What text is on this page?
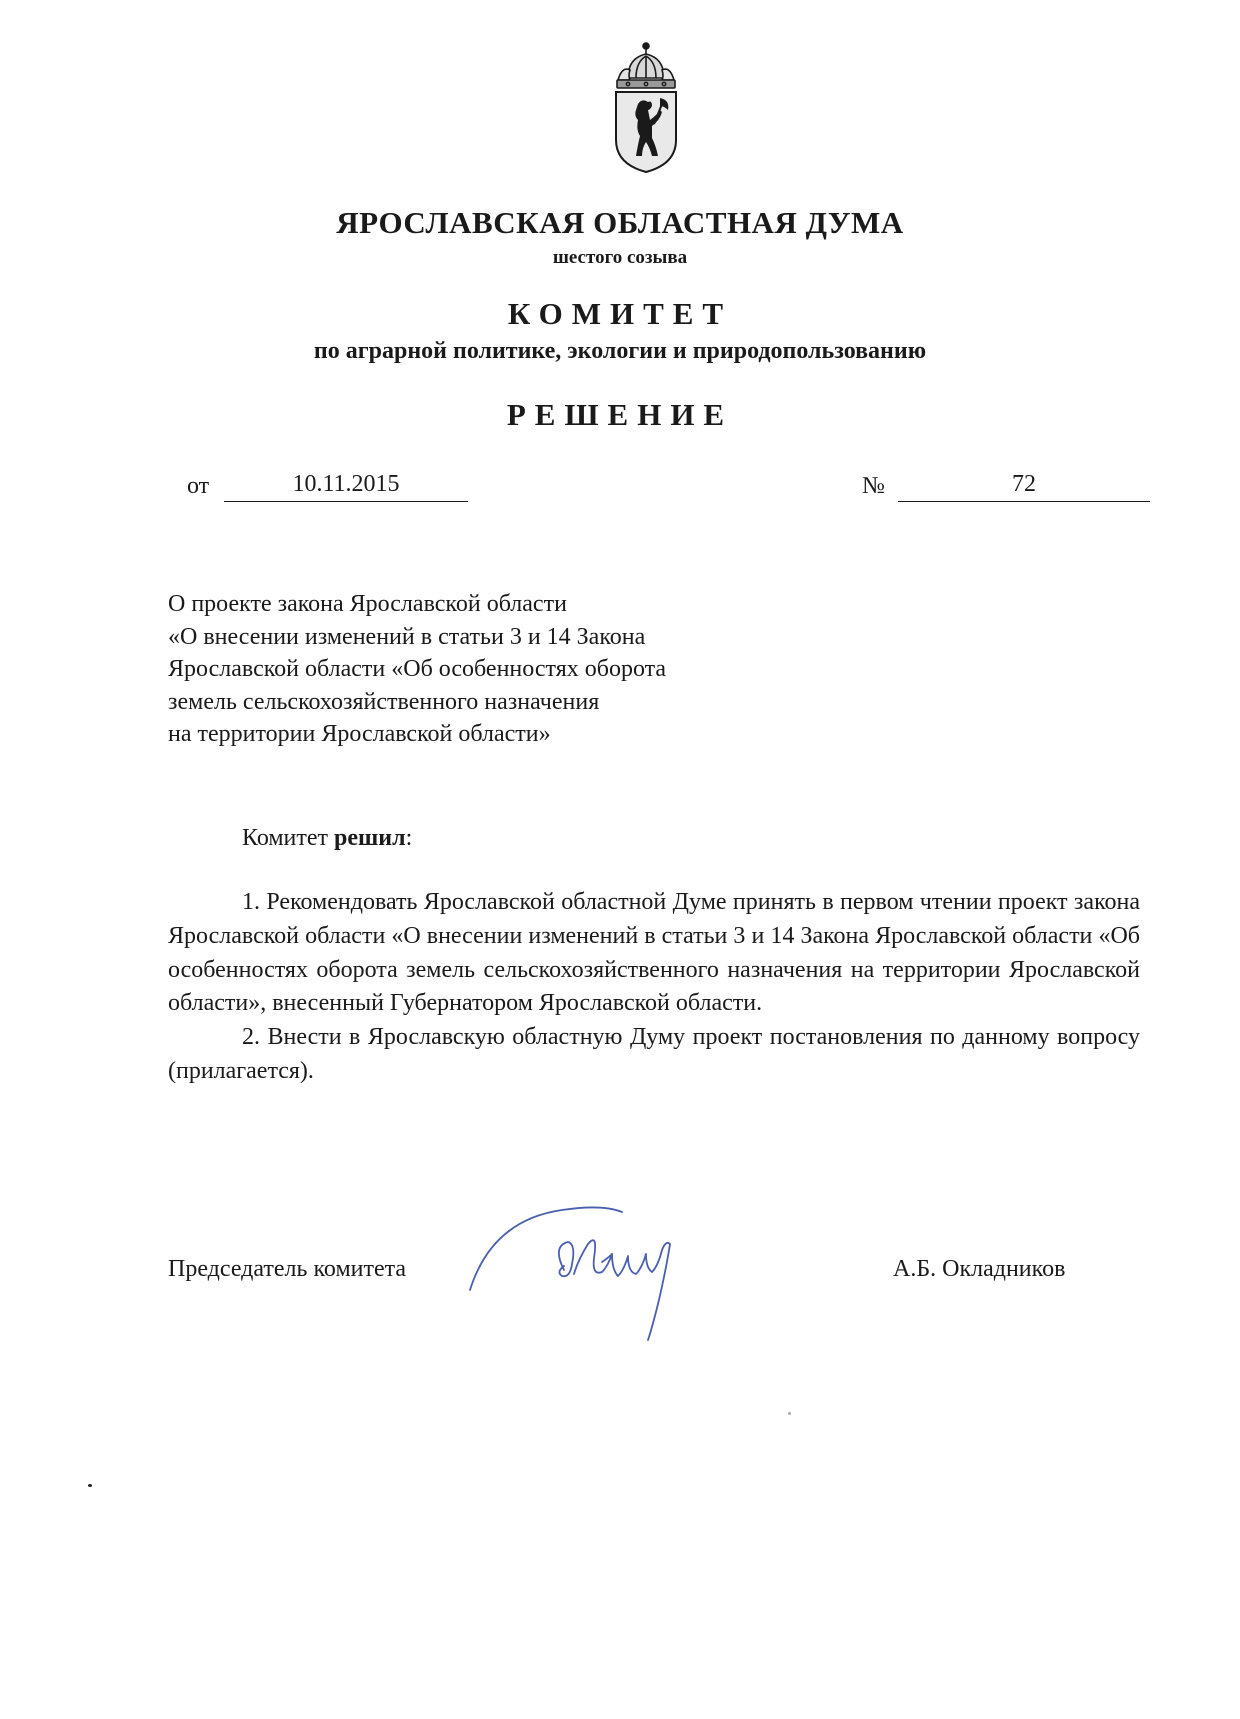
ЯРОСЛАВСКАЯ ОБЛАСТНАЯ ДУМА
шестого созыва
КОМИТЕТ
по аграрной политике, экологии и природопользованию
РЕШЕНИЕ
от	10.11.2015	№	72
О проекте закона Ярославской области
«О внесении изменений в статьи 3 и 14 Закона
Ярославской области «Об особенностях оборота
земель сельскохозяйственного назначения
на территории Ярославской области»
Комитет решил:

1. Рекомендовать Ярославской областной Думе принять в первом чтении проект закона Ярославской области «О внесении изменений в статьи 3 и 14 Закона Ярославской области «Об особенностях оборота земель сельскохозяйственного назначения на территории Ярославской области», внесенный Губернатором Ярославской области.

2. Внести в Ярославскую областную Думу проект постановления по данному вопросу (прилагается).

Председатель комитета	А.Б. Окладников
